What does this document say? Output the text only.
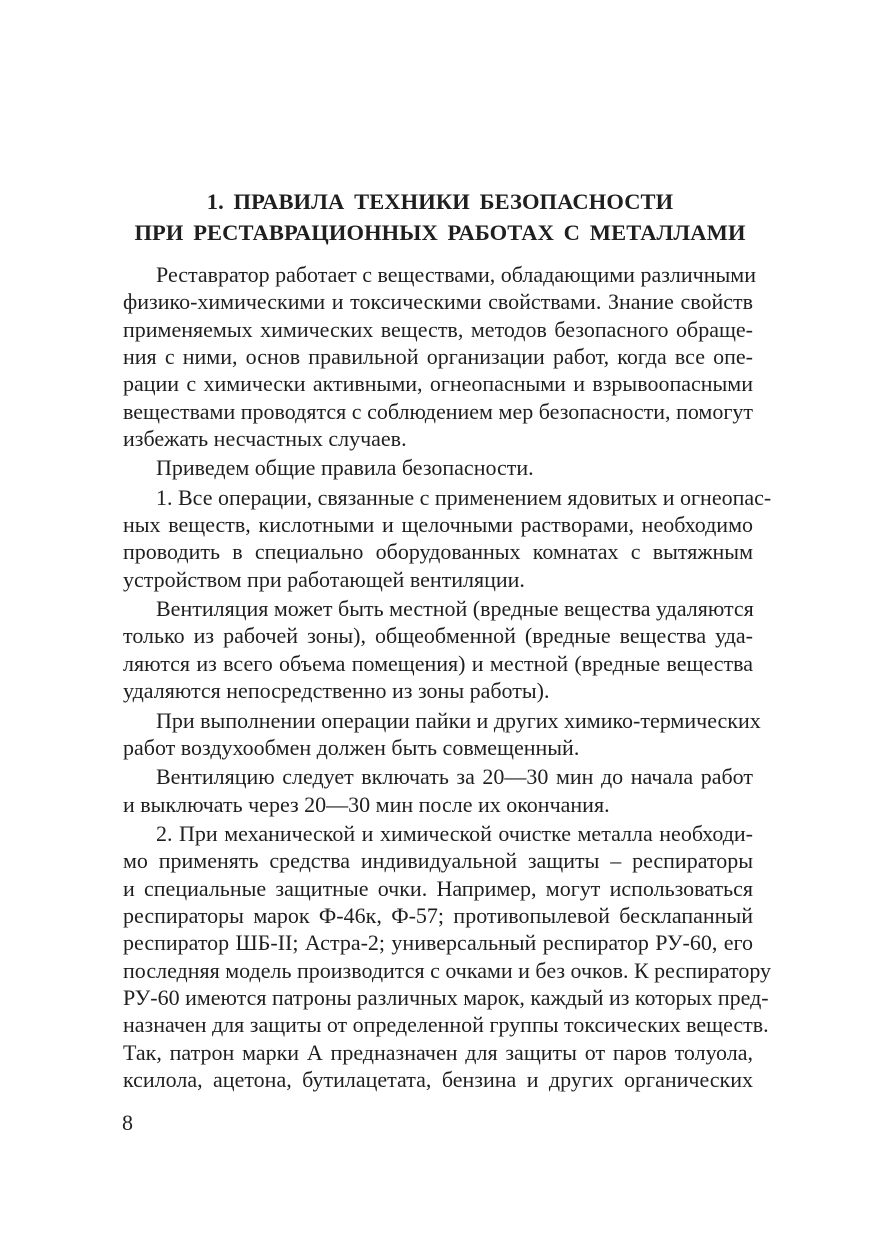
1. ПРАВИЛА ТЕХНИКИ БЕЗОПАСНОСТИ
ПРИ РЕСТАВРАЦИОННЫХ РАБОТАХ С МЕТАЛЛАМИ

Реставратор работает с веществами, обладающими различными
физико-химическими и токсическими свойствами. Знание свойств
применяемых химических веществ, методов безопасного обраще-
ния с ними, основ правильной организации работ, когда все опе-
рации с химически активными, огнеопасными и взрывоопасными
веществами проводятся с соблюдением мер безопасности, помогут
избежать несчастных случаев.

Приведем общие правила безопасности.

1. Все операции, связанные с применением ядовитых и огнеопас-
ных веществ, кислотными и щелочными растворами, необходимо
проводить в специально оборудованных комнатах с вытяжным
устройством при работающей вентиляции.

Вентиляция может быть местной (вредные вещества удаляются
только из рабочей зоны), общеобменной (вредные вещества уда-
ляются из всего объема помещения) и местной (вредные вещества
удаляются непосредственно из зоны работы).

При выполнении операции пайки и других химико-термических
работ воздухообмен должен быть совмещенный.

Вентиляцию следует включать за 20—30 мин до начала работ
и выключать через 20—30 мин после их окончания.

2. При механической и химической очистке металла необходи-
мо применять средства индивидуальной защиты – респираторы
и специальные защитные очки. Например, могут использоваться
респираторы марок Ф-46к, Ф-57; противопылевой бесклапанный
респиратор ШБ-II; Астра-2; универсальный респиратор РУ-60, его
последняя модель производится с очками и без очков. К респиратору
РУ-60 имеются патроны различных марок, каждый из которых пред-
назначен для защиты от определенной группы токсических веществ.
Так, патрон марки А предназначен для защиты от паров толуола,
ксилола, ацетона, бутилацетата, бензина и других органических

8
